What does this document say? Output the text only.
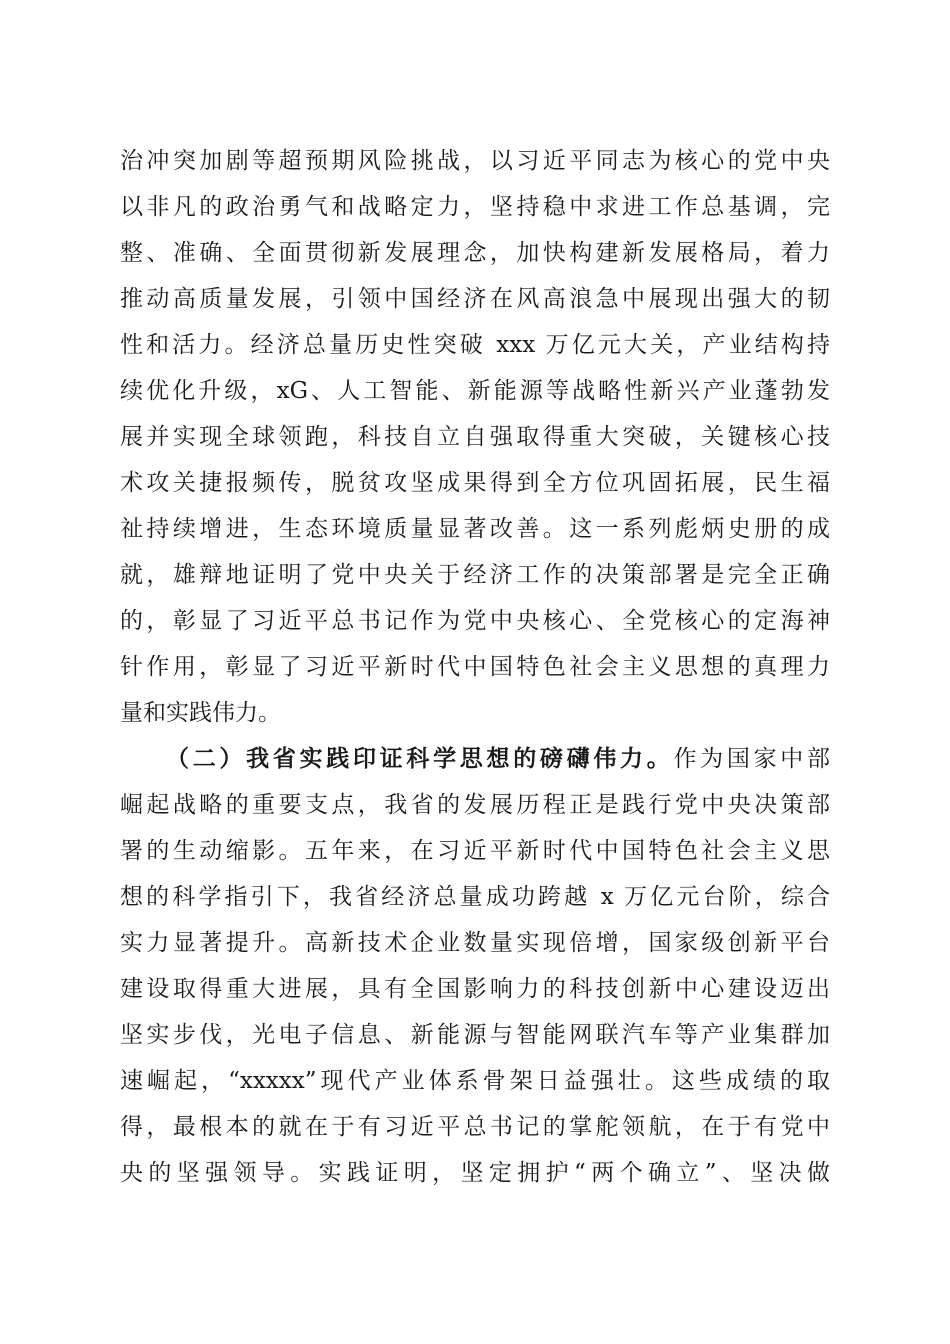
治冲突加剧等超预期风险挑战，以习近平同志为核心的党中央
以非凡的政治勇气和战略定力，坚持稳中求进工作总基调，完
整、准确、全面贯彻新发展理念，加快构建新发展格局，着力
推动高质量发展，引领中国经济在风高浪急中展现出强大的韧
性和活力。经济总量历史性突破 xxx 万亿元大关，产业结构持
续优化升级，xG、人工智能、新能源等战略性新兴产业蓬勃发
展并实现全球领跑，科技自立自强取得重大突破，关键核心技
术攻关捷报频传，脱贫攻坚成果得到全方位巩固拓展，民生福
祉持续增进，生态环境质量显著改善。这一系列彪炳史册的成
就，雄辩地证明了党中央关于经济工作的决策部署是完全正确
的，彰显了习近平总书记作为党中央核心、全党核心的定海神
针作用，彰显了习近平新时代中国特色社会主义思想的真理力
量和实践伟力。
（二）我省实践印证科学思想的磅礴伟力。作为国家中部
崛起战略的重要支点，我省的发展历程正是践行党中央决策部
署的生动缩影。五年来，在习近平新时代中国特色社会主义思
想的科学指引下，我省经济总量成功跨越 x 万亿元台阶，综合
实力显著提升。高新技术企业数量实现倍增，国家级创新平台
建设取得重大进展，具有全国影响力的科技创新中心建设迈出
坚实步伐，光电子信息、新能源与智能网联汽车等产业集群加
速崛起，“xxxxx”现代产业体系骨架日益强壮。这些成绩的取
得，最根本的就在于有习近平总书记的掌舵领航，在于有党中
央的坚强领导。实践证明，坚定拥护“两个确立”、坚决做
